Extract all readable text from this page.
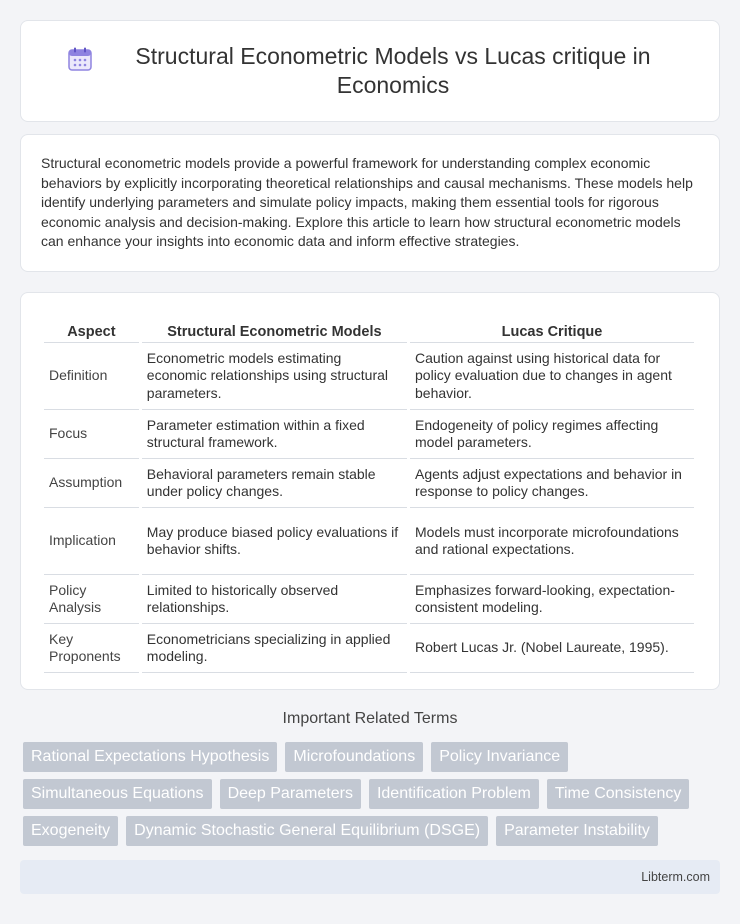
Structural Econometric Models vs Lucas critique in Economics

Structural econometric models provide a powerful framework for understanding complex economic behaviors by explicitly incorporating theoretical relationships and causal mechanisms. These models help identify underlying parameters and simulate policy impacts, making them essential tools for rigorous economic analysis and decision-making. Explore this article to learn how structural econometric models can enhance your insights into economic data and inform effective strategies.

Aspect	Structural Econometric Models	Lucas Critique
Definition	Econometric models estimating economic relationships using structural parameters.	Caution against using historical data for policy evaluation due to changes in agent behavior.
Focus	Parameter estimation within a fixed structural framework.	Endogeneity of policy regimes affecting model parameters.
Assumption	Behavioral parameters remain stable under policy changes.	Agents adjust expectations and behavior in response to policy changes.
Implication	May produce biased policy evaluations if behavior shifts.	Models must incorporate microfoundations and rational expectations.
Policy Analysis	Limited to historically observed relationships.	Emphasizes forward-looking, expectation-consistent modeling.
Key Proponents	Econometricians specializing in applied modeling.	Robert Lucas Jr. (Nobel Laureate, 1995).
Important Related Terms
Rational Expectations Hypothesis	Microfoundations	Policy Invariance
Simultaneous Equations	Deep Parameters	Identification Problem	Time Consistency
Exogeneity	Dynamic Stochastic General Equilibrium (DSGE)	Parameter Instability
Libterm.com
